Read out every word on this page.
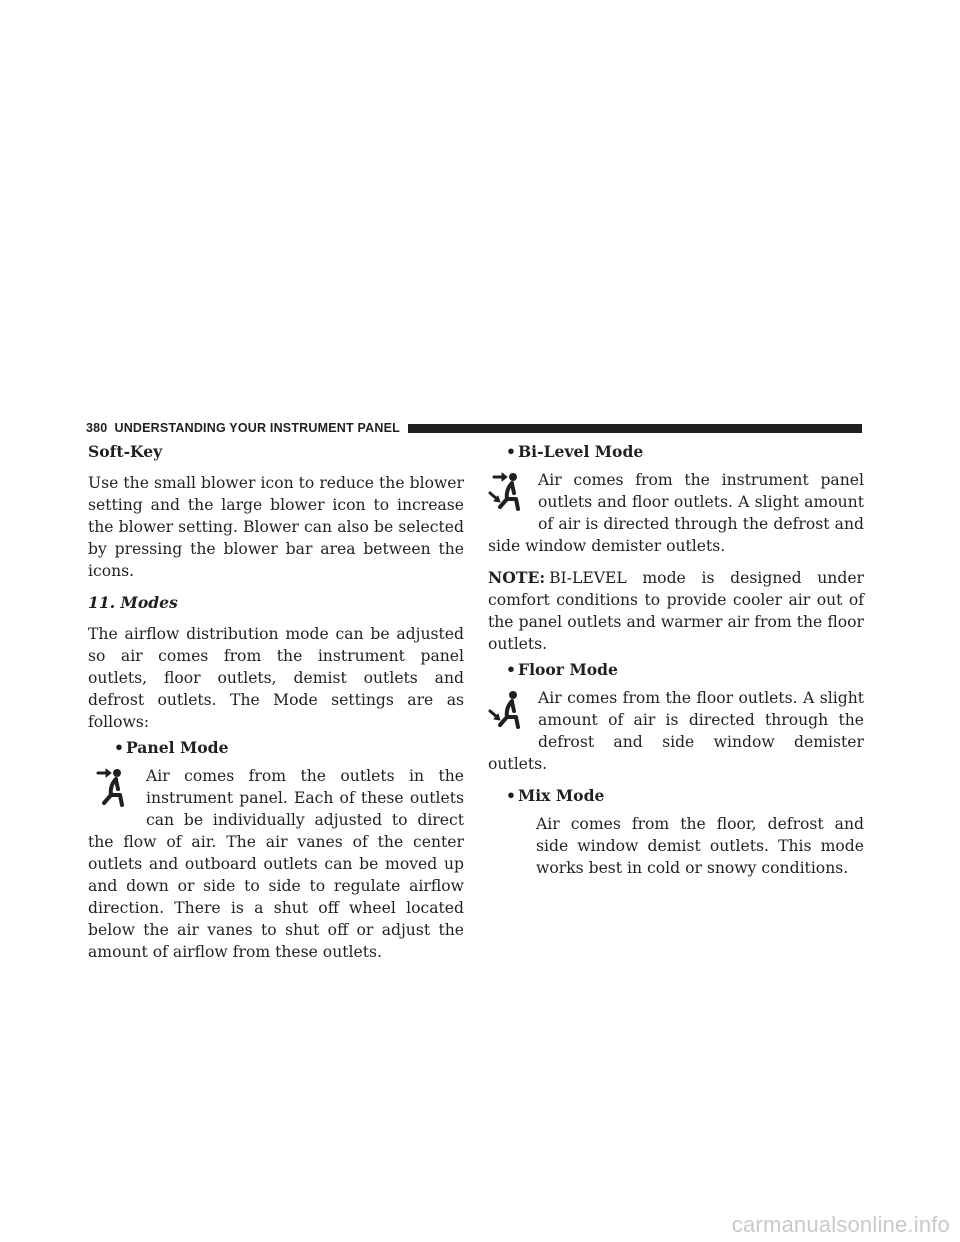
380 UNDERSTANDING YOUR INSTRUMENT PANEL
Soft-Key

Use the small blower icon to reduce the blower setting and the large blower icon to increase the blower setting. Blower can also be selected by pressing the blower bar area between the icons.

11. Modes

The airflow distribution mode can be adjusted so air comes from the instrument panel outlets, floor outlets, demist outlets and defrost outlets. The Mode settings are as follows:

• Panel Mode

Air comes from the outlets in the instrument panel. Each of these outlets can be individually adjusted to direct the flow of air. The air vanes of the center outlets and outboard outlets can be moved up and down or side to side to regulate airflow direction. There is a shut off wheel located below the air vanes to shut off or adjust the amount of airflow from these outlets.

• Bi-Level Mode

Air comes from the instrument panel outlets and floor outlets. A slight amount of air is directed through the defrost and side window demister outlets.

NOTE: BI-LEVEL mode is designed under comfort conditions to provide cooler air out of the panel outlets and warmer air from the floor outlets.

• Floor Mode

Air comes from the floor outlets. A slight amount of air is directed through the defrost and side window demister outlets.

• Mix Mode

Air comes from the floor, defrost and side window demist outlets. This mode works best in cold or snowy conditions.

carmanualsonline.info
